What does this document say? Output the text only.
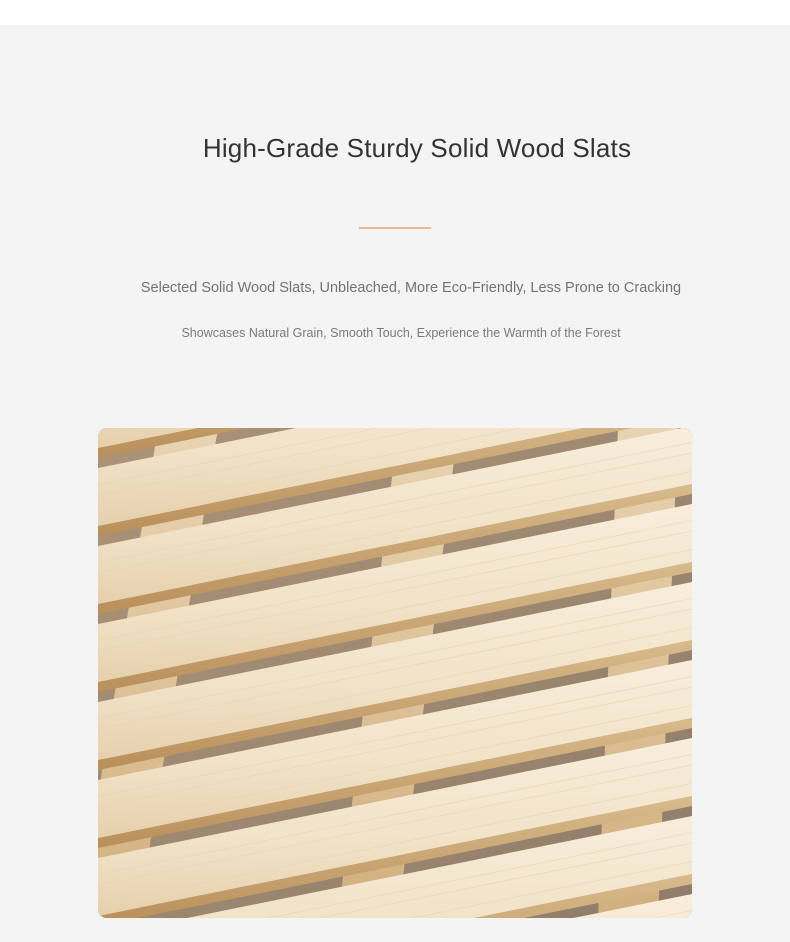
High-Grade Sturdy Solid Wood Slats
Selected Solid Wood Slats, Unbleached, More Eco-Friendly, Less Prone to Cracking
Showcases Natural Grain, Smooth Touch, Experience the Warmth of the Forest
